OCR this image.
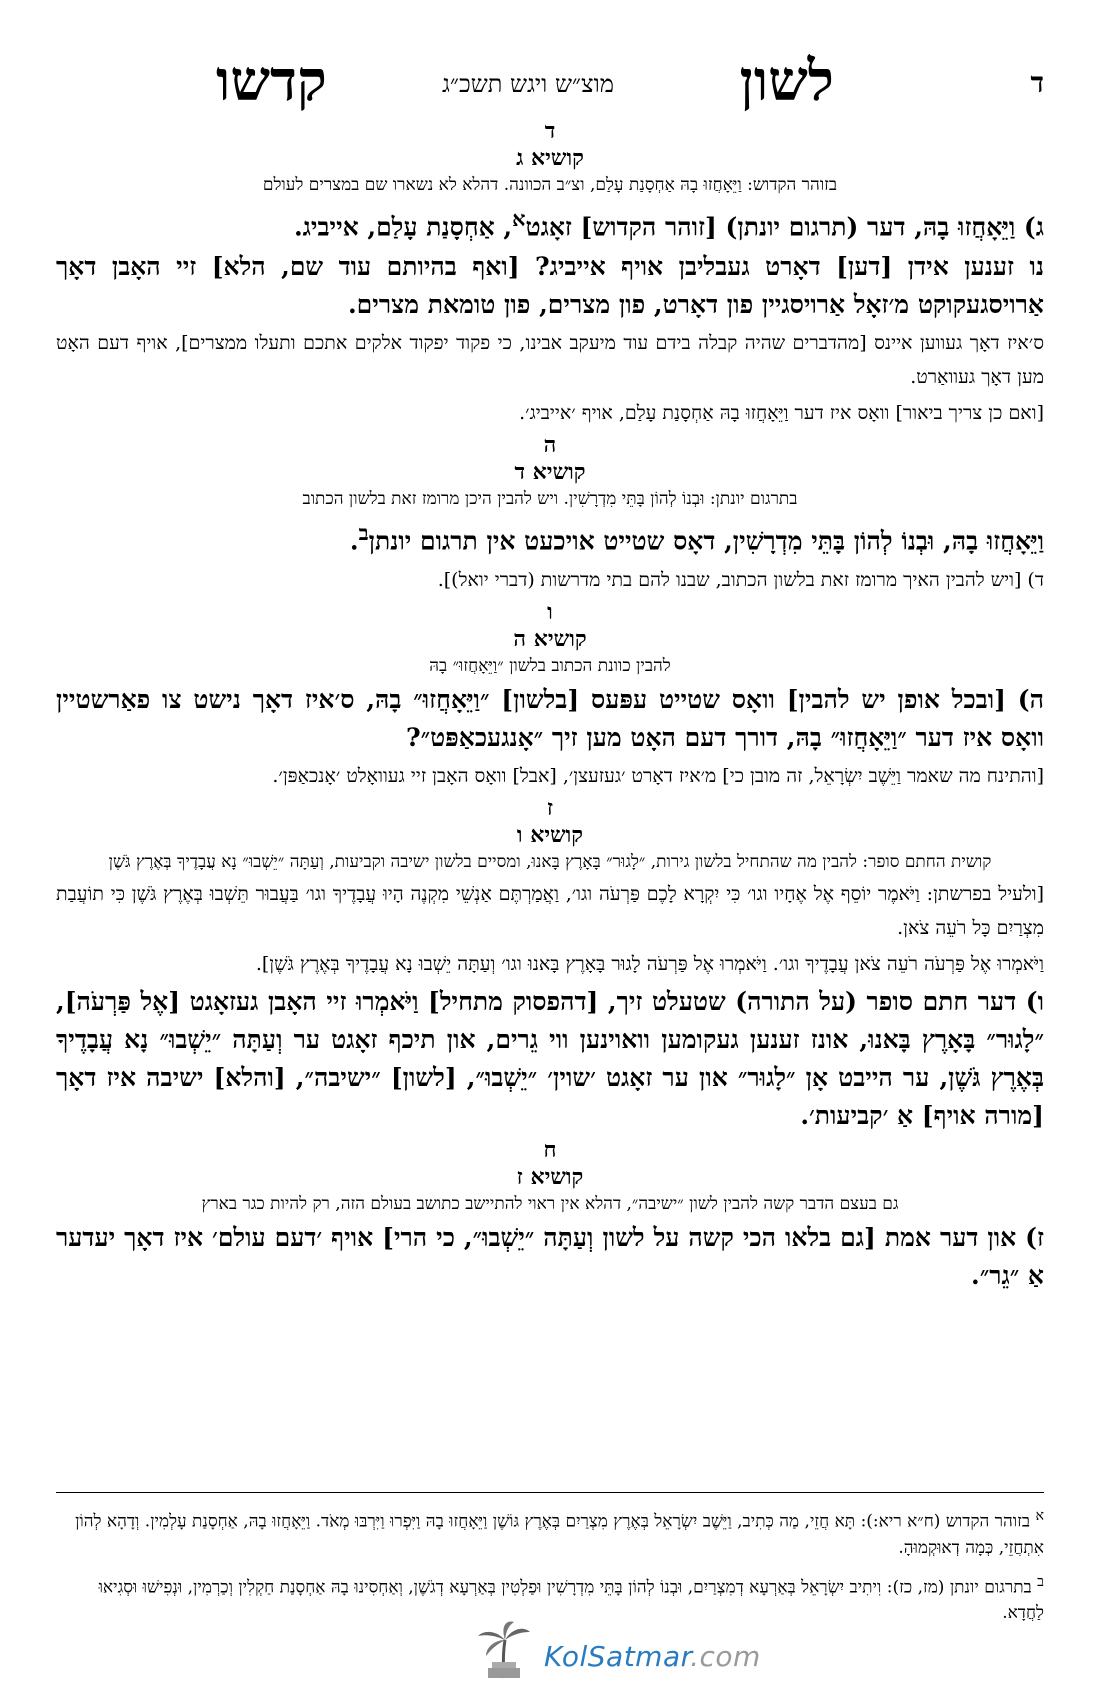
ד
לשון
מוצ״ש ויגש תשכ״ג
קדשו
ד
קושיא ג
בזוהר הקדוש: וַיֵּאָחֲזוּ בָהּ אַחְסָנַת עָלַם, וצ״ב הכוונה. דהלא לא נשארו שם במצרים לעולם

ג) וַיֵּאָחֲזוּ בָהּ, דער (תרגום יונתן) [זוהר הקדוש] זאָגט$^א$, אַחְסָנַת עָלַם, אייביג.

נו זענען אידן [דען] דאָרט געבליבן אויף אייביג? [ואף בהיותם עוד שם, הלא] זיי האָבן דאָך אַרויסגעקוקט מ׳זאָל אַרויסגיין פון דאָרט, פון מצרים, פון טומאת מצרים.

ס׳איז דאָך געווען איינס [מהדברים שהיה קבלה בידם עוד מיעקב אבינו, כי פקוד יפקוד אלקים אתכם ותעלו ממצרים], אויף דעם האָט מען דאָך געוואַרט.

[ואם כן צריך ביאור] וואָס איז דער וַיֵּאָחֲזוּ בָהּ אַחְסָנַת עָלַם, אויף ׳אייביג׳.

ה
קושיא ד
בתרגום יונתן: וּבְנוֹ לְהוֹן בָּתֵּי מִדְרָשִׁין. ויש להבין היכן מרומז זאת בלשון הכתוב

וַיֵּאָחֲזוּ בָהּ, וּבְנוֹ לְהוֹן בָּתֵּי מִדְרָשִׁין, דאָס שטייט אויכעט אין תרגום יונתן$^ב$.

ד) [ויש להבין האיך מרומז זאת בלשון הכתוב, שבנו להם בתי מדרשות (דברי יואל)].

ו
קושיא ה
להבין כוונת הכתוב בלשון ״וַיֵּאָחֲזוּ״ בָהּ

ה) [ובכל אופן יש להבין] וואָס שטייט עפּעס [בלשון] ״וַיֵּאָחֲזוּ״ בָהּ, ס׳איז דאָך נישט צו פאַרשטיין וואָס איז דער ״וַיֵּאָחֲזוּ״ בָהּ, דורך דעם האָט מען זיך ״אָנגעכאַפּט״?

[והתינח מה שאמר וַיֵּשֶׁב יִשְׂרָאֵל, זה מובן כי] מ׳איז דאָרט ׳געזעצן׳, [אבל] וואָס האָבן זיי געוואָלט ׳אָנכאַפּן׳.

ז
קושיא ו
קושית החתם סופר: להבין מה שהתחיל בלשון גירות, ״לָגוּר״ בָּאָרֶץ בָּאנוּ, ומסיים בלשון ישיבה וקביעות, וְעַתָּה ״יֵשְׁבוּ״ נָא עֲבָדֶיךָ בְּאֶרֶץ גֹּשֶׁן

[ולעיל בפרשתן: וַיֹּאמֶר יוֹסֵף אֶל אֶחָיו וגו׳ כִּי יִקְרָא לָכֶם פַּרְעֹה וגו׳, וַאֲמַרְתֶּם אַנְשֵׁי מִקְנֶה הָיוּ עֲבָדֶיךָ וגו׳ בַּעֲבוּר תֵּשְׁבוּ בְּאֶרֶץ גֹּשֶׁן כִּי תוֹעֲבַת מִצְרַיִם כָּל רֹעֵה צֹאן.

וַיֹּאמְרוּ אֶל פַּרְעֹה רֹעֵה צֹאן עֲבָדֶיךָ וגו׳. וַיֹּאמְרוּ אֶל פַּרְעֹה לָגוּר בָּאָרֶץ בָּאנוּ וגו׳ וְעַתָּה יֵשְׁבוּ נָא עֲבָדֶיךָ בְּאֶרֶץ גֹּשֶׁן].

ו) דער חתם סופר (על התורה) שטעלט זיך, [דהפסוק מתחיל] וַיֹּאמְרוּ זיי האָבן געזאָגט [אֶל פַּרְעֹה], ״לָגוּר״ בָּאָרֶץ בָּאנוּ, אונז זענען געקומען וואוינען ווי גֵרים, און תיכף זאָגט ער וְעַתָּה ״יֵשְׁבוּ״ נָא עֲבָדֶיךָ בְּאֶרֶץ גֹּשֶׁן, ער הייבט אָן ״לָגוּר״ און ער זאָגט ׳שוין׳ ״יֵשְׁבוּ״, [לשון] ״ישיבה״, [והלא] ישיבה איז דאָך [מורה אויף] אַ ׳קביעות׳.

ח
קושיא ז
גם בעצם הדבר קשה להבין לשון ״ישיבה״, דהלא אין ראוי להתיישב כתושב בעולם הזה, רק להיות כגר בארץ

ז) און דער אמת [גם בלאו הכי קשה על לשון וְעַתָּה ״יֵשְׁבוּ״, כי הרי] אויף ׳דעם עולם׳ איז דאָך יעדער אַ ״גֵר״.

$^א$ בזוהר הקדוש (ח״א ריא:): תָּא חֲזֵי, מַה כְּתִיב, וַיֵּשֶׁב יִשְׂרָאֵל בְּאֶרֶץ מִצְרַיִם בְּאֶרֶץ גּוֹשֶׁן וַיֵּאָחֲזוּ בָהּ וַיִּפְרוּ וַיִּרְבּוּ מְאֹד. וַיֵּאָחֲזוּ בָהּ, אַחְסָנַת עָלְמִין. וְדָהָא לְהוֹן אִתְחֲזֵי, כְּמָה דְאוּקְמוּהָ.

$^ב$ בתרגום יונתן (מז, כז): וִיתִיב יִשְׂרָאֵל בְּאַרְעָא דְמִצְרַיִם, וּבְנוֹ לְהוֹן בָּתֵּי מִדְרָשִׁין וּפַלְטִין בְּאַרְעָא דְגֹשֶׁן, וְאַחְסִינוּ בָהּ אַחְסָנַת חַקְלִין וְכַרְמִין, וּנְפִישׁוּ וּסְגִיאוּ לַחֲדָא.

KolSatmar.com
